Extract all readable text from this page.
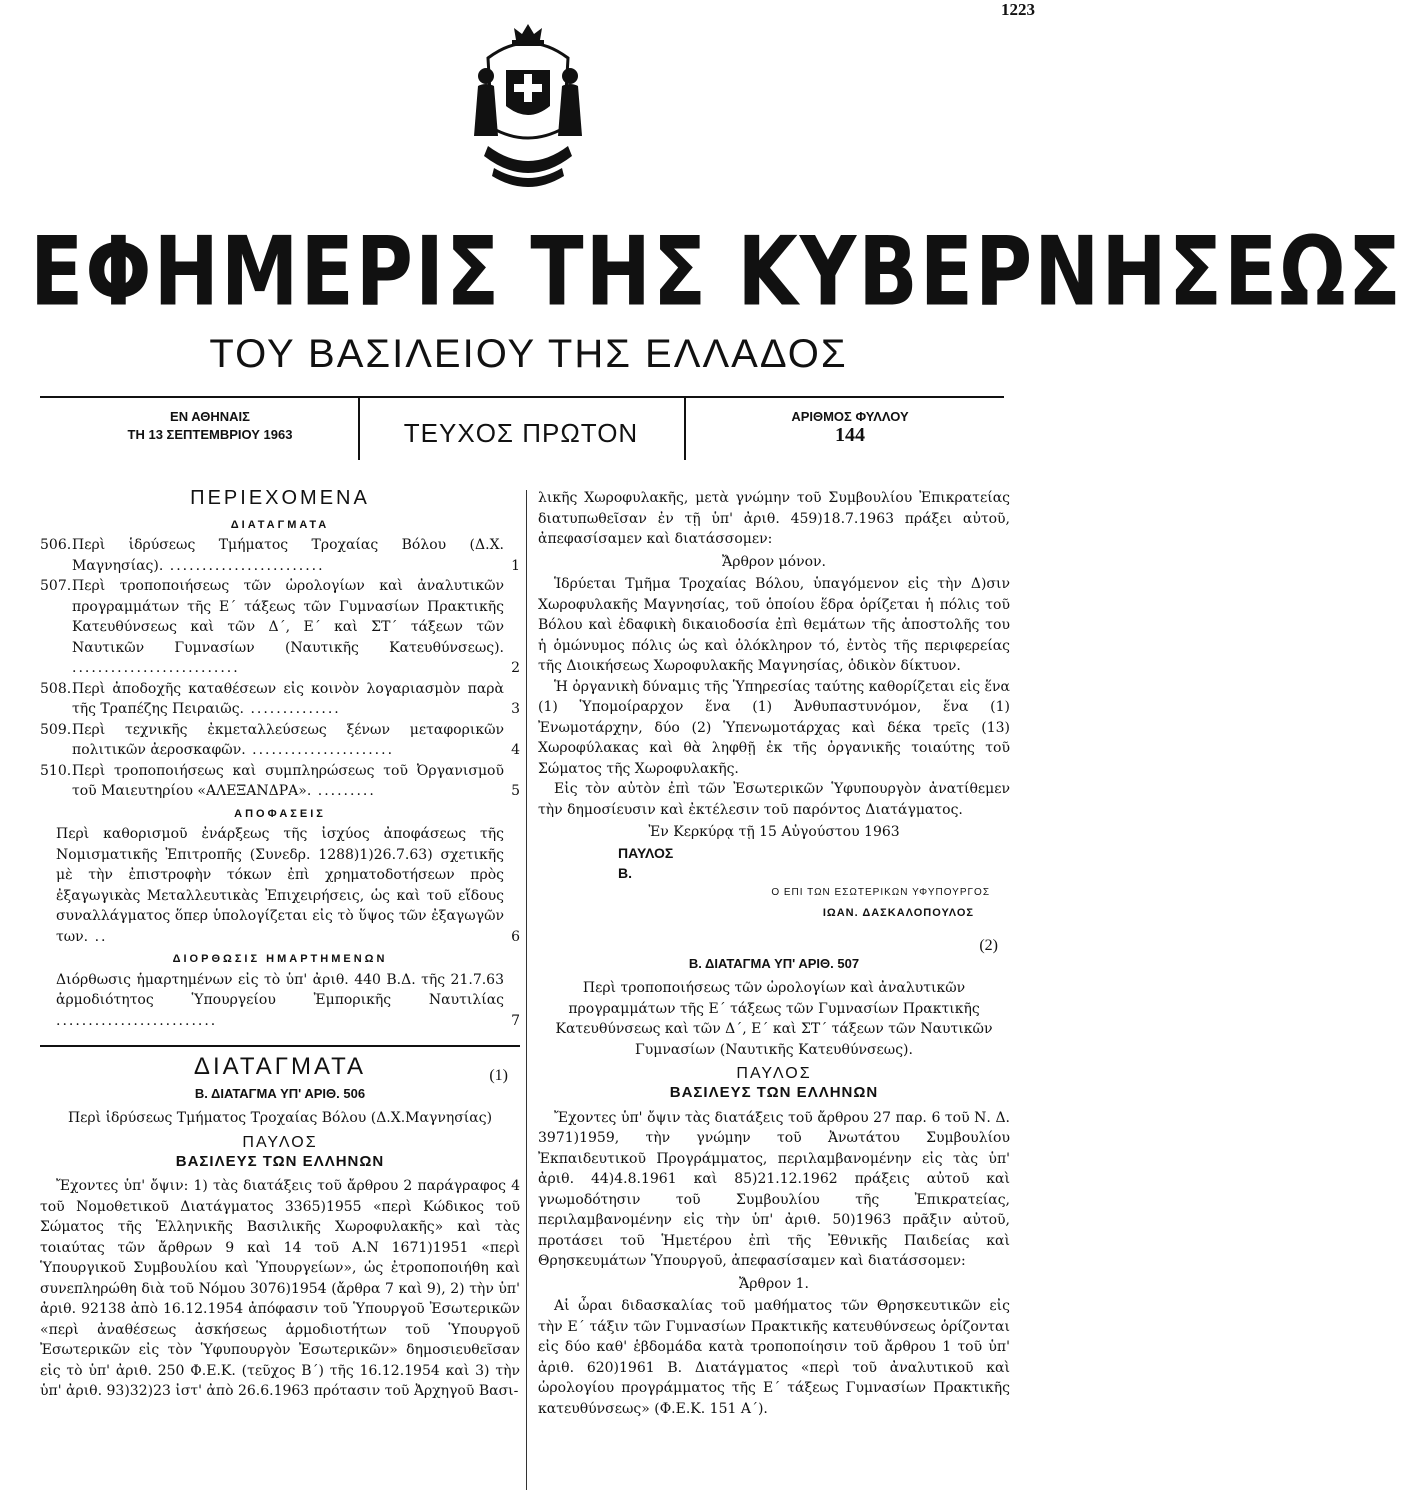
1223
ΕΦΗΜΕΡΙΣ ΤΗΣ ΚΥΒΕΡΝΗΣΕΩΣ
ΤΟΥ ΒΑΣΙΛΕΙΟΥ ΤΗΣ ΕΛΛΑΔΟΣ
ΕΝ ΑΘΗΝΑΙΣ
ΤΗ 13 ΣΕΠΤΕΜΒΡΙΟΥ 1963	ΤΕΥΧΟΣ ΠΡΩΤΟΝ
ΑΡΙΘΜΟΣ ΦΥΛΛΟΥ
144
ΠΕΡΙΕΧΟΜΕΝΑ
ΔΙΑΤΑΓΜΑΤΑ
506. Περὶ ἱδρύσεως Τμήματος Τροχαίας Βόλου (Δ.Χ. Μαγνησίας). ........................	1
507. Περὶ τροποποιήσεως τῶν ὡρολογίων καὶ ἀναλυτικῶν προγραμμάτων τῆς Ε΄ τάξεως τῶν Γυμνασίων Πρακτικῆς Κατευθύνσεως καὶ τῶν Δ΄, Ε΄ καὶ ΣΤ΄ τάξεων τῶν Ναυτικῶν Γυμνασίων (Ναυτικῆς Κατευθύνσεως). ..........................	2
508. Περὶ ἀποδοχῆς καταθέσεων εἰς κοινὸν λογαριασμὸν παρὰ τῆς Τραπέζης Πειραιῶς. ..............	3
509. Περὶ τεχνικῆς ἐκμεταλλεύσεως ξένων μεταφορικῶν πολιτικῶν ἀεροσκαφῶν. ......................	4
510. Περὶ τροποποιήσεως καὶ συμπληρώσεως τοῦ Ὀργανισμοῦ τοῦ Μαιευτηρίου «ΑΛΕΞΑΝΔΡΑ». .........	5
ΑΠΟΦΑΣΕΙΣ
Περὶ καθορισμοῦ ἐνάρξεως τῆς ἰσχύος ἀποφάσεως τῆς Νομισματικῆς Ἐπιτροπῆς (Συνεδρ. 1288)1)26.7.63) σχετικῆς μὲ τὴν ἐπιστροφὴν τόκων ἐπὶ χρηματοδοτήσεων πρὸς ἐξαγωγικὰς Μεταλλευτικὰς Ἐπιχειρήσεις, ὡς καὶ τοῦ εἴδους συναλλάγματος ὅπερ ὑπολογίζεται εἰς τὸ ὕψος τῶν ἐξαγωγῶν των. ..	6
ΔΙΟΡΘΩΣΙΣ ΗΜΑΡΤΗΜΕΝΩΝ
Διόρθωσις ἡμαρτημένων εἰς τὸ ὑπ' ἀριθ. 440 Β.Δ. τῆς 21.7.63 ἁρμοδιότητος Ὑπουργείου Ἐμπορικῆς Ναυτιλίας .........................	7
ΔΙΑΤΑΓΜΑΤΑ
Β. ΔΙΑΤΑΓΜΑ ΥΠ' ΑΡΙΘ. 506
(1)
Περὶ ἱδρύσεως Τμήματος Τροχαίας Βόλου (Δ.Χ.Μαγνησίας)
ΠΑΥΛΟΣ
ΒΑΣΙΛΕΥΣ ΤΩΝ ΕΛΛΗΝΩΝ

Ἔχοντες ὑπ' ὄψιν: 1) τὰς διατάξεις τοῦ ἄρθρου 2 παράγραφος 4 τοῦ Νομοθετικοῦ Διατάγματος 3365)1955 «περὶ Κώδικος τοῦ Σώματος τῆς Ἑλληνικῆς Βασιλικῆς Χωροφυλακῆς» καὶ τὰς τοιαύτας τῶν ἄρθρων 9 καὶ 14 τοῦ Α.Ν 1671)1951 «περὶ Ὑπουργικοῦ Συμβουλίου καὶ Ὑπουργείων», ὡς ἐτροποποιήθη καὶ συνεπληρώθη διὰ τοῦ Νόμου 3076)1954 (ἄρθρα 7 καὶ 9), 2) τὴν ὑπ' ἀριθ. 92138 ἀπὸ 16.12.1954 ἀπόφασιν τοῦ Ὑπουργοῦ Ἐσωτερικῶν «περὶ ἀναθέσεως ἀσκήσεως ἁρμοδιοτήτων τοῦ Ὑπουργοῦ Ἐσωτερικῶν εἰς τὸν Ὑφυπουργὸν Ἐσωτερικῶν» δημοσιευθεῖσαν εἰς τὸ ὑπ' ἀριθ. 250 Φ.Ε.Κ. (τεῦχος Β΄) τῆς 16.12.1954 καὶ 3) τὴν ὑπ' ἀριθ. 93)32)23 ἰστ' ἀπὸ 26.6.1963 πρότασιν τοῦ Ἀρχηγοῦ Βασι-

λικῆς Χωροφυλακῆς, μετὰ γνώμην τοῦ Συμβουλίου Ἐπικρατείας διατυπωθεῖσαν ἐν τῇ ὑπ' ἀριθ. 459)18.7.1963 πράξει αὐτοῦ, ἀπεφασίσαμεν καὶ διατάσσομεν:

Ἄρθρον μόνον.

Ἱδρύεται Τμῆμα Τροχαίας Βόλου, ὑπαγόμενον εἰς τὴν Δ)σιν Χωροφυλακῆς Μαγνησίας, τοῦ ὁποίου ἕδρα ὁρίζεται ἡ πόλις τοῦ Βόλου καὶ ἐδαφικὴ δικαιοδοσία ἐπὶ θεμάτων τῆς ἀποστολῆς του ἡ ὁμώνυμος πόλις ὡς καὶ ὁλόκληρον τό, ἐντὸς τῆς περιφερείας τῆς Διοικήσεως Χωροφυλακῆς Μαγνησίας, ὁδικὸν δίκτυον.

Ἡ ὀργανικὴ δύναμις τῆς Ὑπηρεσίας ταύτης καθορίζεται εἰς ἕνα (1) Ὑπομοίραρχον ἕνα (1) Ἀνθυπαστυνόμον, ἕνα (1) Ἐνωμοτάρχην, δύο (2) Ὑπενωμοτάρχας καὶ δέκα τρεῖς (13) Χωροφύλακας καὶ θὰ ληφθῇ ἐκ τῆς ὀργανικῆς τοιαύτης τοῦ Σώματος τῆς Χωροφυλακῆς.

Εἰς τὸν αὐτὸν ἐπὶ τῶν Ἐσωτερικῶν Ὑφυπουργὸν ἀνατίθεμεν τὴν δημοσίευσιν καὶ ἐκτέλεσιν τοῦ παρόντος Διατάγματος.

Ἐν Κερκύρᾳ τῇ 15 Αὐγούστου 1963
ΠΑΥΛΟΣ
Β.
Ο ΕΠΙ ΤΩΝ ΕΣΩΤΕΡΙΚΩΝ ΥΦΥΠΟΥΡΓΟΣ
ΙΩΑΝ. ΔΑΣΚΑΛΟΠΟΥΛΟΣ
Β. ΔΙΑΤΑΓΜΑ ΥΠ' ΑΡΙΘ. 507
(2)
Περὶ τροποποιήσεως τῶν ὡρολογίων καὶ ἀναλυτικῶν προγραμμάτων τῆς Ε΄ τάξεως τῶν Γυμνασίων Πρακτικῆς Κατευθύνσεως καὶ τῶν Δ΄, Ε΄ καὶ ΣΤ΄ τάξεων τῶν Ναυτικῶν Γυμνασίων (Ναυτικῆς Κατευθύνσεως).
ΠΑΥΛΟΣ
ΒΑΣΙΛΕΥΣ ΤΩΝ ΕΛΛΗΝΩΝ

Ἔχοντες ὑπ' ὄψιν τὰς διατάξεις τοῦ ἄρθρου 27 παρ. 6 τοῦ Ν. Δ. 3971)1959, τὴν γνώμην τοῦ Ἀνωτάτου Συμβουλίου Ἐκπαιδευτικοῦ Προγράμματος, περιλαμβανομένην εἰς τὰς ὑπ' ἀριθ. 44)4.8.1961 καὶ 85)21.12.1962 πράξεις αὐτοῦ καὶ γνωμοδότησιν τοῦ Συμβουλίου τῆς Ἐπικρατείας, περιλαμβανομένην εἰς τὴν ὑπ' ἀριθ. 50)1963 πρᾶξιν αὐτοῦ, προτάσει τοῦ Ἡμετέρου ἐπὶ τῆς Ἐθνικῆς Παιδείας καὶ Θρησκευμάτων Ὑπουργοῦ, ἀπεφασίσαμεν καὶ διατάσσομεν:

Ἄρθρον 1.

Αἱ ὧραι διδασκαλίας τοῦ μαθήματος τῶν Θρησκευτικῶν εἰς τὴν Ε΄ τάξιν τῶν Γυμνασίων Πρακτικῆς κατευθύνσεως ὁρίζονται εἰς δύο καθ' ἑβδομάδα κατὰ τροποποίησιν τοῦ ἄρθρου 1 τοῦ ὑπ' ἀριθ. 620)1961 Β. Διατάγματος «περὶ τοῦ ἀναλυτικοῦ καὶ ὡρολογίου προγράμματος τῆς Ε΄ τάξεως Γυμνασίων Πρακτικῆς κατευθύνσεως» (Φ.Ε.Κ. 151 Α΄).
